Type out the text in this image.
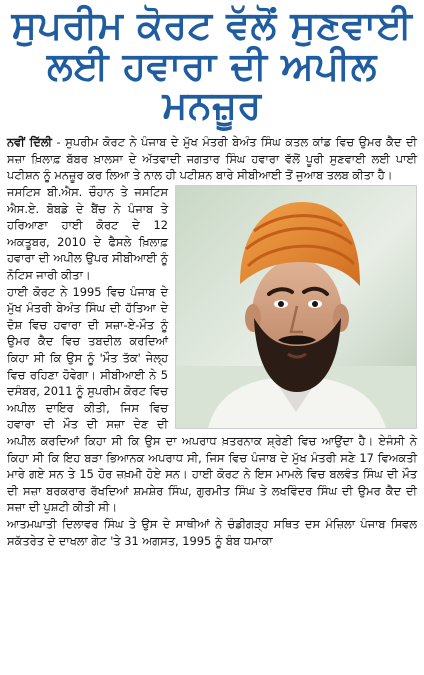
ਸੁਪਰੀਮ ਕੋਰਟ ਵੱਲੋਂ ਸੁਣਵਾਈ
ਲਈ ਹਵਾਰਾ ਦੀ ਅਪੀਲ ਮਨਜ਼ੂਰ

ਨਵੀਂ ਦਿੱਲੀ - ਸੁਪਰੀਮ ਕੋਰਟ ਨੇ ਪੰਜਾਬ ਦੇ ਮੁੱਖ ਮੰਤਰੀ ਬੇਅੰਤ ਸਿੰਘ ਕਤਲ ਕਾਂਡ ਵਿਚ ਉਮਰ ਕੈਦ ਦੀ ਸਜ਼ਾ ਖ਼ਿਲਾਫ਼ ਬੱਬਰ ਖ਼ਾਲਸਾ ਦੇ ਅੱਤਵਾਦੀ ਜਗਤਾਰ ਸਿੰਘ ਹਵਾਰਾ ਵੱਲੋਂ ਪੂਰੀ ਸੁਣਵਾਈ ਲਈ ਪਾਈ ਪਟੀਸ਼ਨ ਨੂੰ ਮਨਜ਼ੂਰ ਕਰ ਲਿਆ ਤੇ ਨਾਲ ਹੀ ਪਟੀਸ਼ਨ ਬਾਰੇ ਸੀਬੀਆਈ ਤੋਂ ਜੁਆਬ ਤਲਬ ਕੀਤਾ ਹੈ।

ਜਸਟਿਸ ਬੀ.ਐਸ. ਚੌਹਾਨ ਤੇ ਜਸਟਿਸ ਐਸ.ਏ. ਬੋਬਡੇ ਦੇ ਬੈਂਚ ਨੇ ਪੰਜਾਬ ਤੇ ਹਰਿਆਣਾ ਹਾਈ ਕੋਰਟ ਦੇ 12 ਅਕਤੂਬਰ, 2010 ਦੇ ਫੈਸਲੇ ਖ਼ਿਲਾਫ਼ ਹਵਾਰਾ ਦੀ ਅਪੀਲ ਉਪਰ ਸੀਬੀਆਈ ਨੂੰ ਨੋਟਿਸ ਜਾਰੀ ਕੀਤਾ।

ਹਾਈ ਕੋਰਟ ਨੇ 1995 ਵਿਚ ਪੰਜਾਬ ਦੇ ਮੁੱਖ ਮੰਤਰੀ ਬੇਅੰਤ ਸਿੰਘ ਦੀ ਹੱਤਿਆ ਦੇ ਦੋਸ਼ ਵਿਚ ਹਵਾਰਾ ਦੀ ਸਜ਼ਾ-ਏ-ਮੌਤ ਨੂੰ ਉਮਰ ਕੈਦ ਵਿਚ ਤਬਦੀਲ ਕਰਦਿਆਂ ਕਿਹਾ ਸੀ ਕਿ ਉਸ ਨੂੰ 'ਮੌਤ ਤੱਕ' ਜੇਲ੍ਹ ਵਿਚ ਰਹਿਣਾ ਹੋਵੇਗਾ। ਸੀਬੀਆਈ ਨੇ 5 ਦਸੰਬਰ, 2011 ਨੂੰ ਸੁਪਰੀਮ ਕੋਰਟ ਵਿਚ ਅਪੀਲ ਦਾਇਰ ਕੀਤੀ, ਜਿਸ ਵਿਚ ਹਵਾਰਾ ਦੀ ਮੌਤ ਦੀ ਸਜ਼ਾ ਦੇਣ ਦੀ ਅਪੀਲ ਕਰਦਿਆਂ ਕਿਹਾ ਸੀ ਕਿ ਉਸ ਦਾ ਅਪਰਾਧ ਖ਼ਤਰਨਾਕ ਸ਼੍ਰੇਣੀ ਵਿਚ ਆਉਂਦਾ ਹੈ। ਏਜੰਸੀ ਨੇ ਕਿਹਾ ਸੀ ਕਿ ਇਹ ਬੜਾ ਭਿਆਨਕ ਅਪਰਾਧ ਸੀ, ਜਿਸ ਵਿਚ ਪੰਜਾਬ ਦੇ ਮੁੱਖ ਮੰਤਰੀ ਸਣੇ 17 ਵਿਅਕਤੀ ਮਾਰੇ ਗਏ ਸਨ ਤੇ 15 ਹੋਰ ਜ਼ਖ਼ਮੀ ਹੋਏ ਸਨ। ਹਾਈ ਕੋਰਟ ਨੇ ਇਸ ਮਾਮਲੇ ਵਿਚ ਬਲਵੰਤ ਸਿੰਘ ਦੀ ਮੌਤ ਦੀ ਸਜ਼ਾ ਬਰਕਰਾਰ ਰੱਖਦਿਆਂ ਸ਼ਮਸ਼ੇਰ ਸਿੰਘ, ਗੁਰਮੀਤ ਸਿੰਘ ਤੇ ਲਖਵਿੰਦਰ ਸਿੰਘ ਦੀ ਉਮਰ ਕੈਦ ਦੀ ਸਜ਼ਾ ਦੀ ਪੁਸ਼ਟੀ ਕੀਤੀ ਸੀ।

ਆਤਮਘਾਤੀ ਦਿਲਾਵਰ ਸਿੰਘ ਤੇ ਉਸ ਦੇ ਸਾਥੀਆਂ ਨੇ ਚੰਡੀਗੜ੍ਹ ਸਥਿਤ ਦਸ ਮੰਜ਼ਿਲਾ ਪੰਜਾਬ ਸਿਵਲ ਸਕੱਤਰੇਤ ਦੇ ਦਾਖਲਾ ਗੇਟ 'ਤੇ 31 ਅਗਸਤ, 1995 ਨੂੰ ਬੰਬ ਧਮਾਕਾ
